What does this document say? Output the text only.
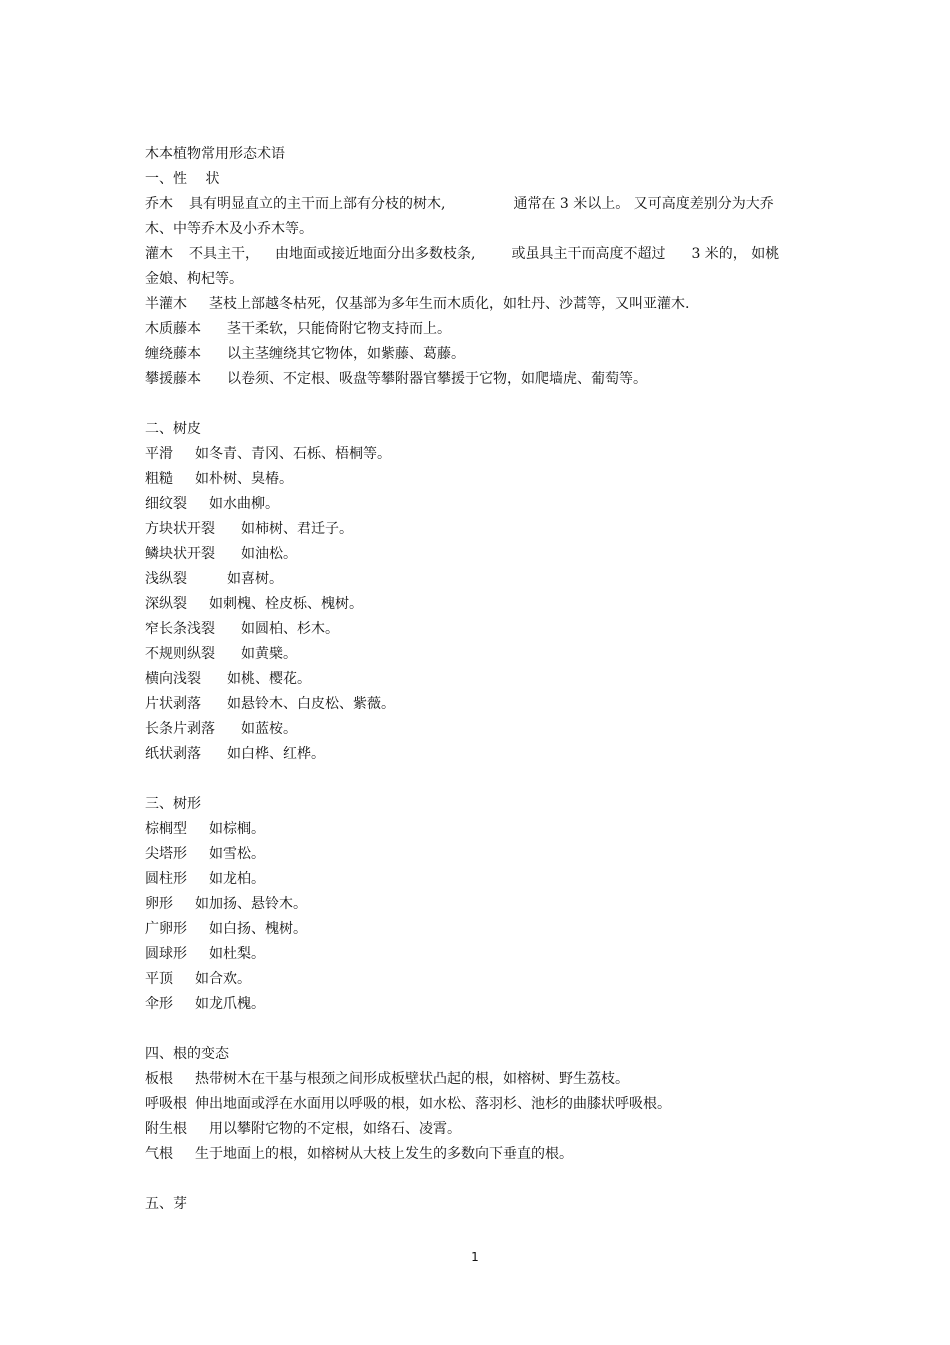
木本植物常用形态术语
一、性　 状
乔木 具有明显直立的主干而上部有分枝的树木,	通常在 3 米以上。 又可高度差别分为大乔
木、中等乔木及小乔木等。
灌木 不具主干， 由地面或接近地面分出多数枝条,	或虽具主干而高度不超过 3 米的， 如桃
金娘、枸杞等。
半灌木 茎枝上部越冬枯死，仅基部为多年生而木质化，如牡丹、沙蒿等，又叫亚灌木.
木质藤本 茎干柔软，只能倚附它物支持而上。
缠绕藤本 以主茎缠绕其它物体，如紫藤、葛藤。
攀援藤本 以卷须、不定根、吸盘等攀附器官攀援于它物，如爬墙虎、葡萄等。
二、树皮
平滑 如冬青、青冈、石栎、梧桐等。
粗糙 如朴树、臭椿。
细纹裂 如水曲柳。
方块状开裂 如柿树、君迁子。
鳞块状开裂 如油松。
浅纵裂	如喜树。
深纵裂 如刺槐、栓皮栎、槐树。
窄长条浅裂 如圆柏、杉木。
不规则纵裂 如黄檗。
横向浅裂 如桃、樱花。
片状剥落 如悬铃木、白皮松、紫薇。
长条片剥落 如蓝桉。
纸状剥落 如白桦、红桦。
三、树形
棕榈型 如棕榈。
尖塔形 如雪松。
圆柱形 如龙柏。
卵形 如加扬、悬铃木。
广卵形 如白扬、槐树。
圆球形 如杜梨。
平顶 如合欢。
伞形 如龙爪槐。
四、根的变态
板根 热带树木在干基与根颈之间形成板壁状凸起的根，如榕树、野生荔枝。
呼吸根 伸出地面或浮在水面用以呼吸的根，如水松、落羽杉、池杉的曲膝状呼吸根。
附生根 用以攀附它物的不定根，如络石、凌霄。
气根 生于地面上的根，如榕树从大枝上发生的多数向下垂直的根。
五、芽
1
